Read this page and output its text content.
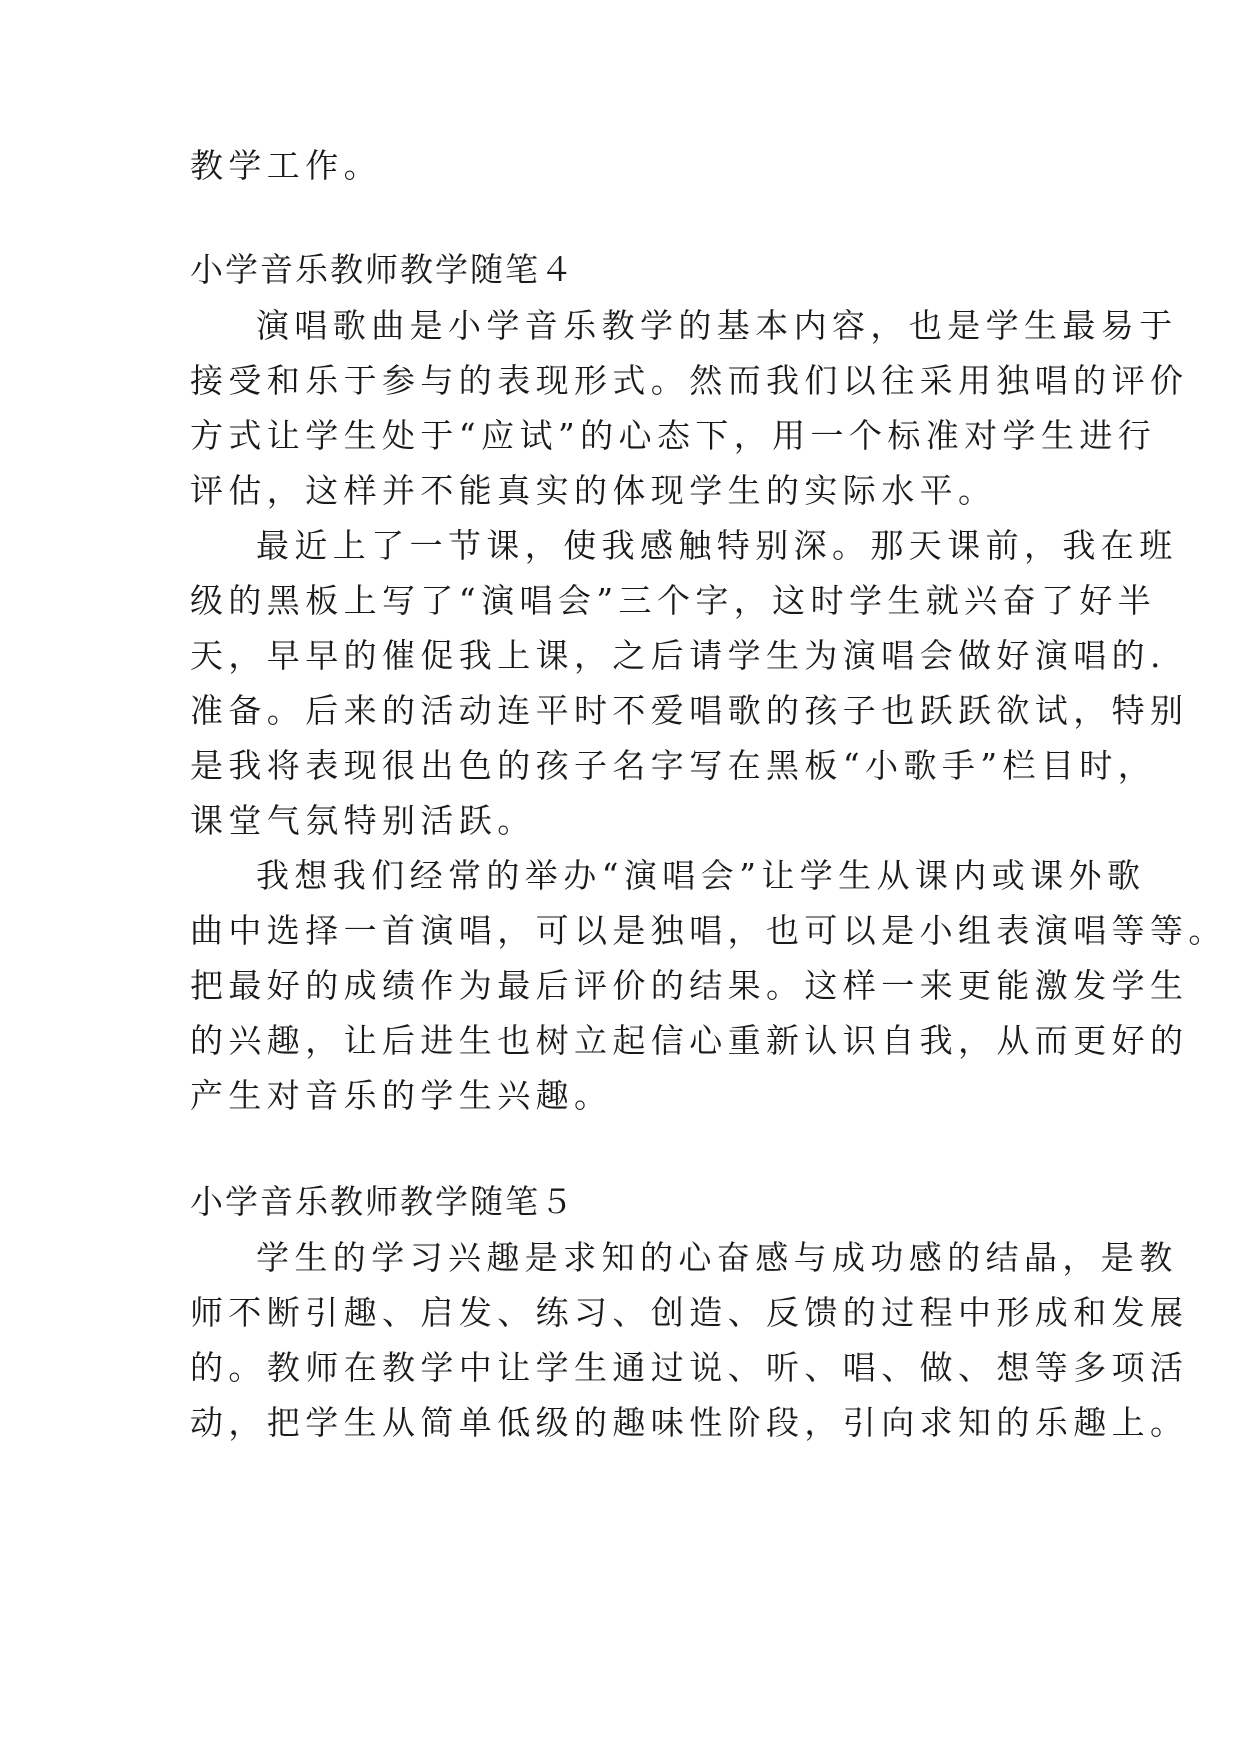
教学工作。
小学音乐教师教学随笔４
演唱歌曲是小学音乐教学的基本内容，也是学生最易于
接受和乐于参与的表现形式。然而我们以往采用独唱的评价
方式让学生处于“应试”的心态下，用一个标准对学生进行
评估，这样并不能真实的体现学生的实际水平。
最近上了一节课，使我感触特别深。那天课前，我在班
级的黑板上写了“演唱会”三个字，这时学生就兴奋了好半
天，早早的催促我上课，之后请学生为演唱会做好演唱的.
准备。后来的活动连平时不爱唱歌的孩子也跃跃欲试，特别
是我将表现很出色的孩子名字写在黑板“小歌手”栏目时，
课堂气氛特别活跃。
我想我们经常的举办“演唱会”让学生从课内或课外歌
曲中选择一首演唱，可以是独唱，也可以是小组表演唱等等。
把最好的成绩作为最后评价的结果。这样一来更能激发学生
的兴趣，让后进生也树立起信心重新认识自我，从而更好的
产生对音乐的学生兴趣。
小学音乐教师教学随笔５
学生的学习兴趣是求知的心奋感与成功感的结晶，是教
师不断引趣、启发、练习、创造、反馈的过程中形成和发展
的。教师在教学中让学生通过说、听、唱、做、想等多项活
动，把学生从简单低级的趣味性阶段，引向求知的乐趣上。
